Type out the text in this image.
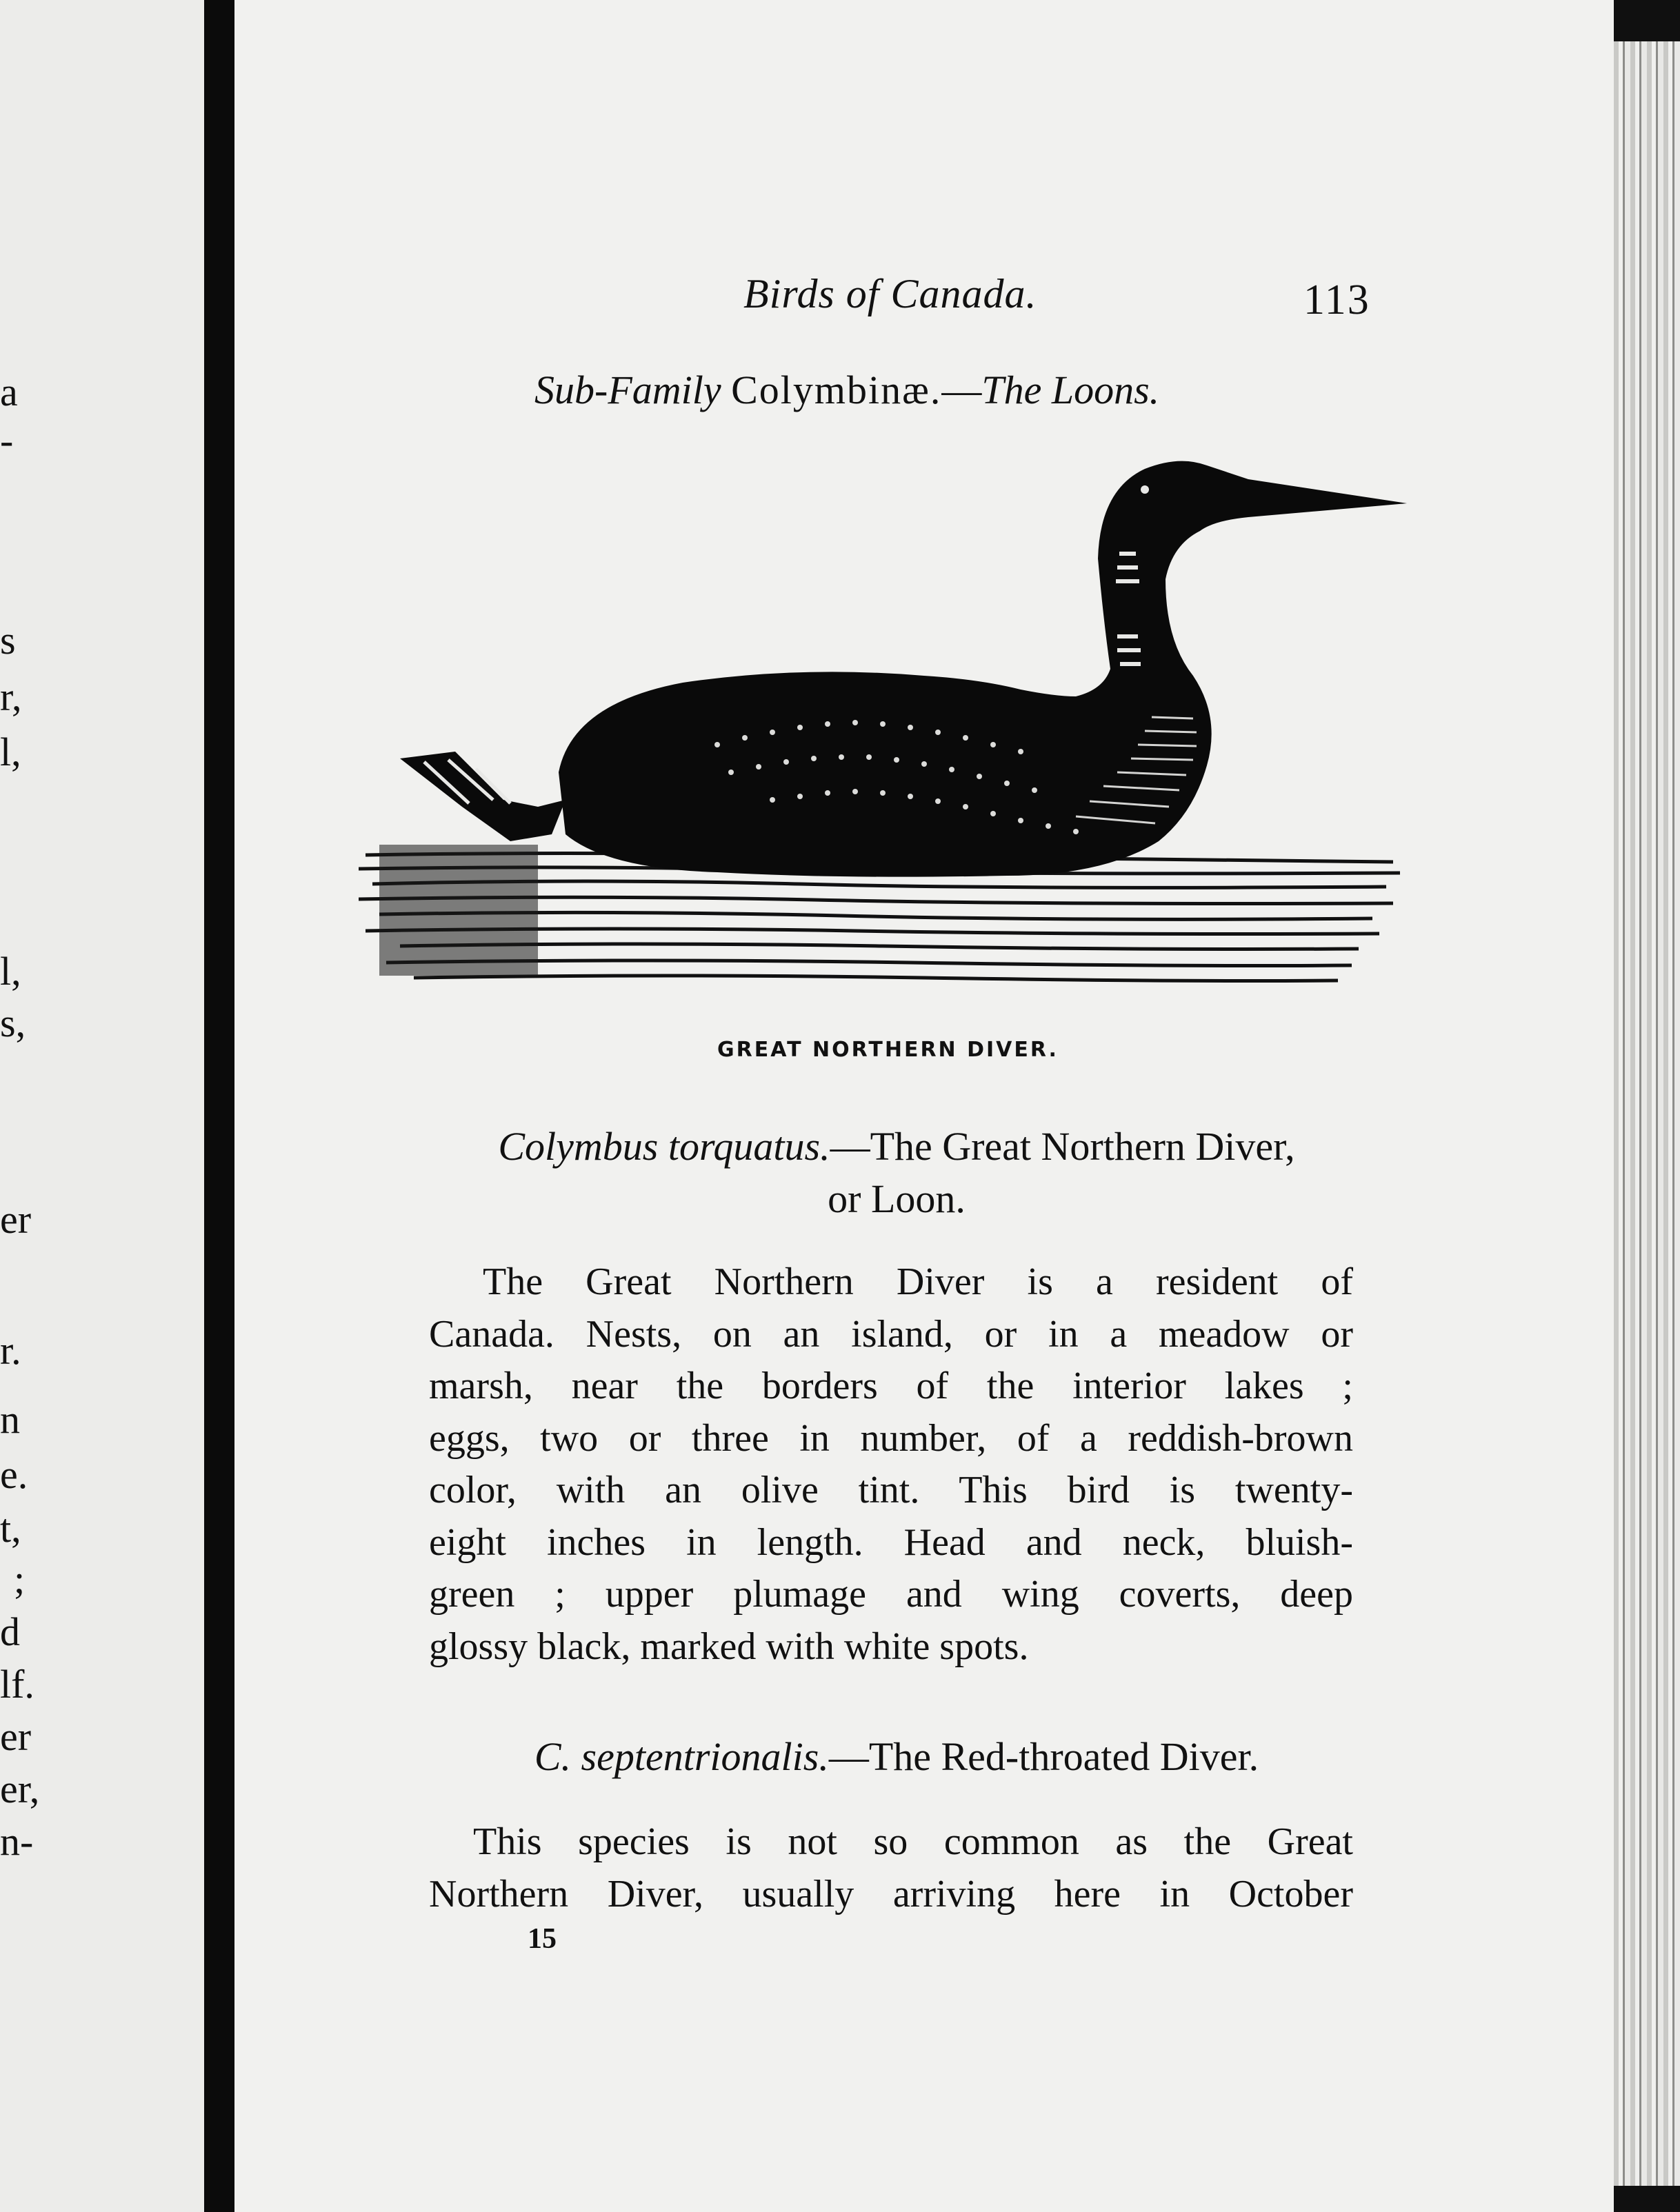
a
-
s
r,
l,
l,
s,
er
r.
n
e.
t,
;
d
lf.
er
er,
n-
Birds of Canada.	113
Sub-Family Colymbinæ.—The Loons.
GREAT NORTHERN DIVER.
Colymbus torquatus.—The Great Northern Diver,
or Loon.
The Great Northern Diver is a resident of
Canada. Nests, on an island, or in a meadow or
marsh, near the borders of the interior lakes ;
eggs, two or three in number, of a reddish-brown
color, with an olive tint. This bird is twenty-
eight inches in length. Head and neck, bluish-
green ; upper plumage and wing coverts, deep
glossy black, marked with white spots.
C. septentrionalis.—The Red-throated Diver.
This species is not so common as the Great
Northern Diver, usually arriving here in October
15
